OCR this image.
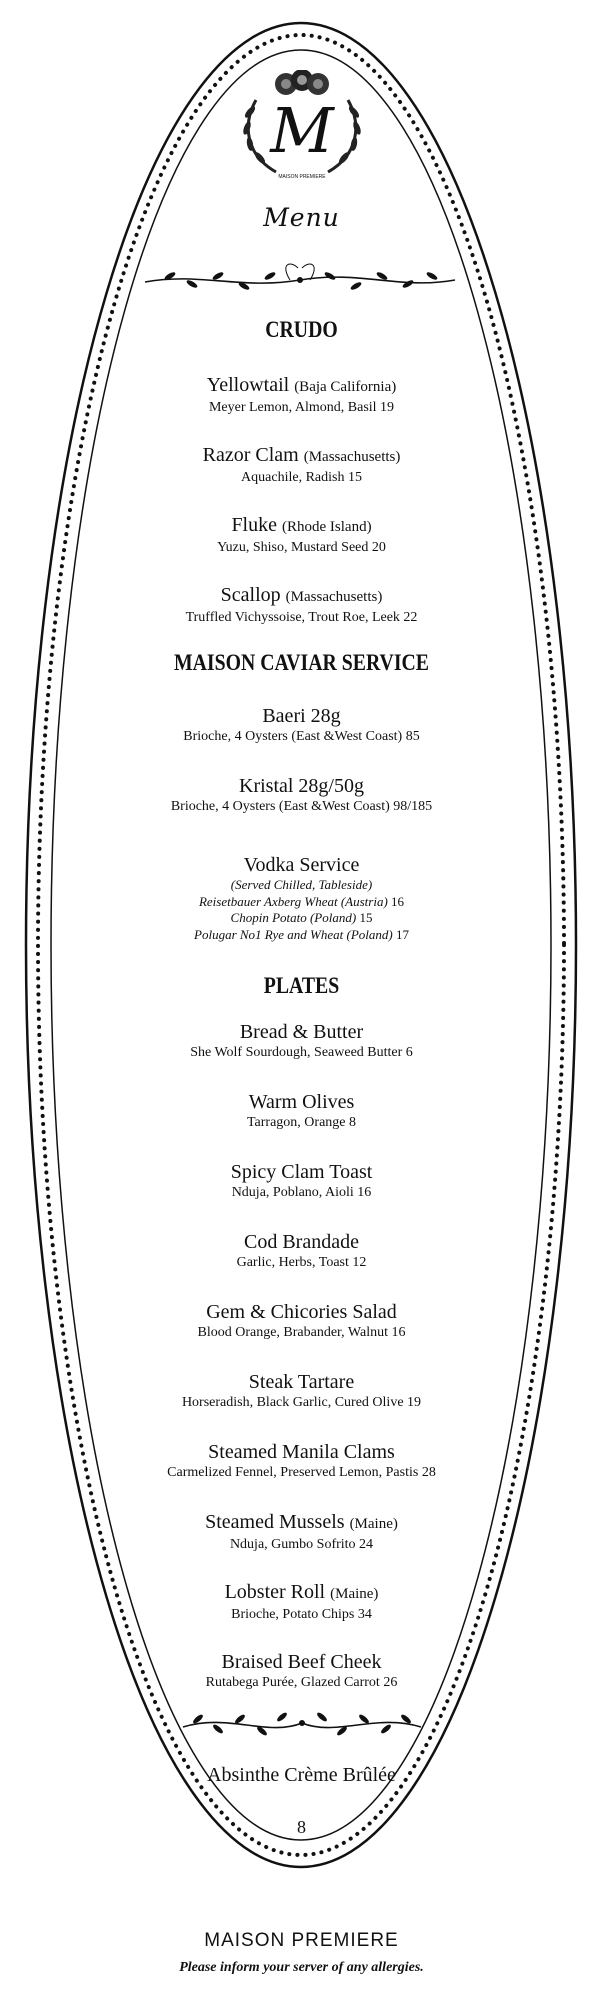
M
MAISON PREMIERE
Menu
CRUDO
Yellowtail (Baja California)
Meyer Lemon, Almond, Basil 19
Razor Clam (Massachusetts)
Aquachile, Radish 15
Fluke (Rhode Island)
Yuzu, Shiso, Mustard Seed 20
Scallop (Massachusetts)
Truffled Vichyssoise, Trout Roe, Leek 22
MAISON CAVIAR SERVICE
Baeri 28g
Brioche, 4 Oysters (East &West Coast) 85
Kristal 28g/50g
Brioche, 4 Oysters (East &West Coast) 98/185
Vodka Service
(Served Chilled, Tableside)
Reisetbauer Axberg Wheat (Austria) 16
Chopin Potato (Poland) 15
Polugar No1 Rye and Wheat (Poland) 17
PLATES
Bread & Butter
She Wolf Sourdough, Seaweed Butter 6
Warm Olives
Tarragon, Orange 8
Spicy Clam Toast
Nduja, Poblano, Aioli 16
Cod Brandade
Garlic, Herbs, Toast 12
Gem & Chicories Salad
Blood Orange, Brabander, Walnut 16
Steak Tartare
Horseradish, Black Garlic, Cured Olive 19
Steamed Manila Clams
Carmelized Fennel, Preserved Lemon, Pastis 28
Steamed Mussels (Maine)
Nduja, Gumbo Sofrito 24
Lobster Roll (Maine)
Brioche, Potato Chips 34
Braised Beef Cheek
Rutabega Purée, Glazed Carrot 26
Absinthe Crème Brûlée
8
MAISON PREMIERE
Please inform your server of any allergies.
